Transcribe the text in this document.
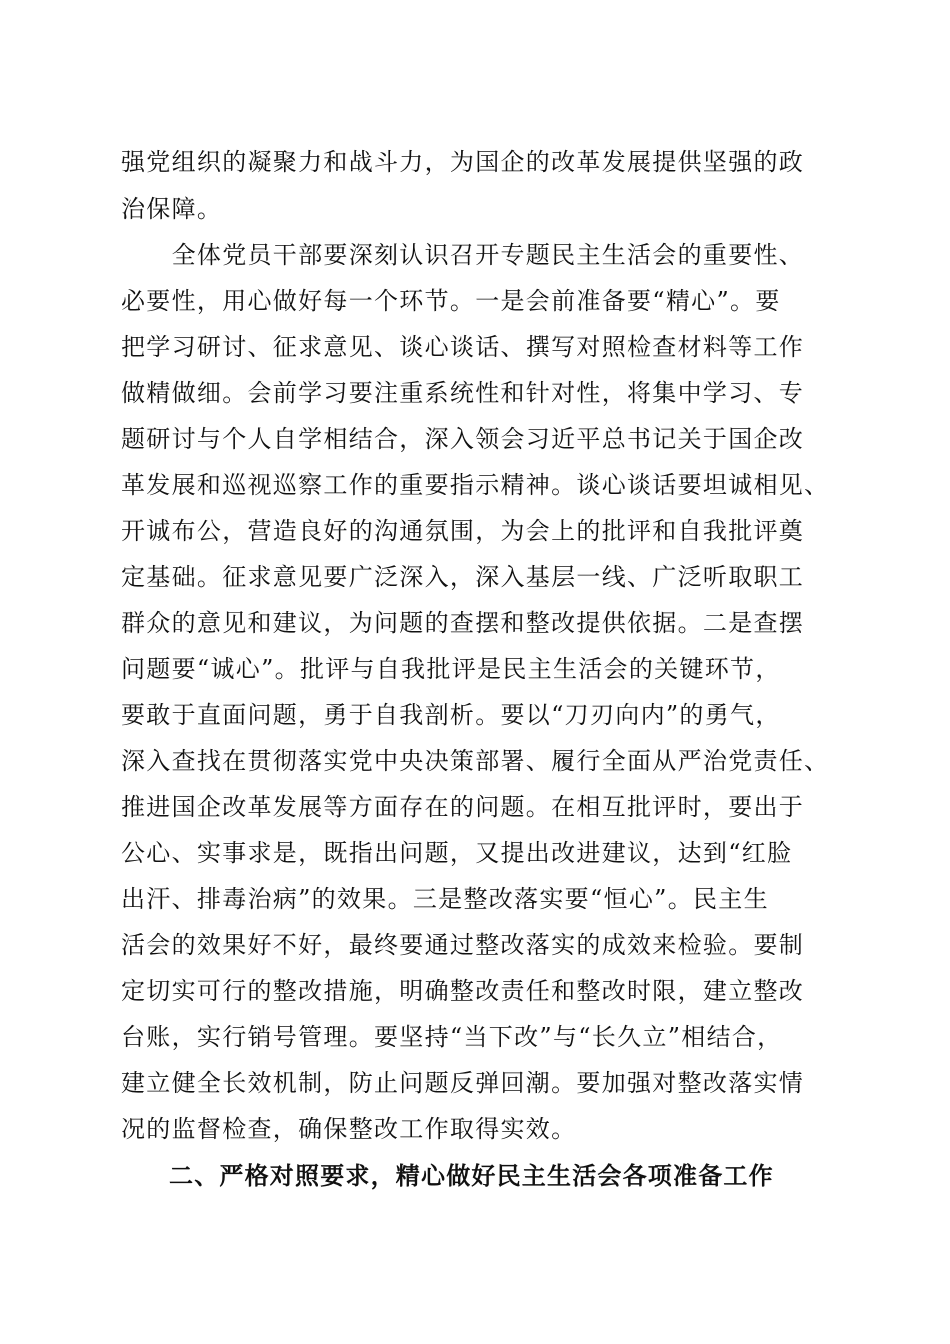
强党组织的凝聚力和战斗力，为国企的改革发展提供坚强的政
治保障。
　　全体党员干部要深刻认识召开专题民主生活会的重要性、
必要性，用心做好每一个环节。一是会前准备要“精心”。要
把学习研讨、征求意见、谈心谈话、撰写对照检查材料等工作
做精做细。会前学习要注重系统性和针对性，将集中学习、专
题研讨与个人自学相结合，深入领会习近平总书记关于国企改
革发展和巡视巡察工作的重要指示精神。谈心谈话要坦诚相见、
开诚布公，营造良好的沟通氛围，为会上的批评和自我批评奠
定基础。征求意见要广泛深入，深入基层一线、广泛听取职工
群众的意见和建议，为问题的查摆和整改提供依据。二是查摆
问题要“诚心”。批评与自我批评是民主生活会的关键环节，
要敢于直面问题，勇于自我剖析。要以“刀刃向内”的勇气，
深入查找在贯彻落实党中央决策部署、履行全面从严治党责任、
推进国企改革发展等方面存在的问题。在相互批评时，要出于
公心、实事求是，既指出问题，又提出改进建议，达到“红脸
出汗、排毒治病”的效果。三是整改落实要“恒心”。民主生
活会的效果好不好，最终要通过整改落实的成效来检验。要制
定切实可行的整改措施，明确整改责任和整改时限，建立整改
台账，实行销号管理。要坚持“当下改”与“长久立”相结合，
建立健全长效机制，防止问题反弹回潮。要加强对整改落实情
况的监督检查，确保整改工作取得实效。
二、严格对照要求，精心做好民主生活会各项准备工作
